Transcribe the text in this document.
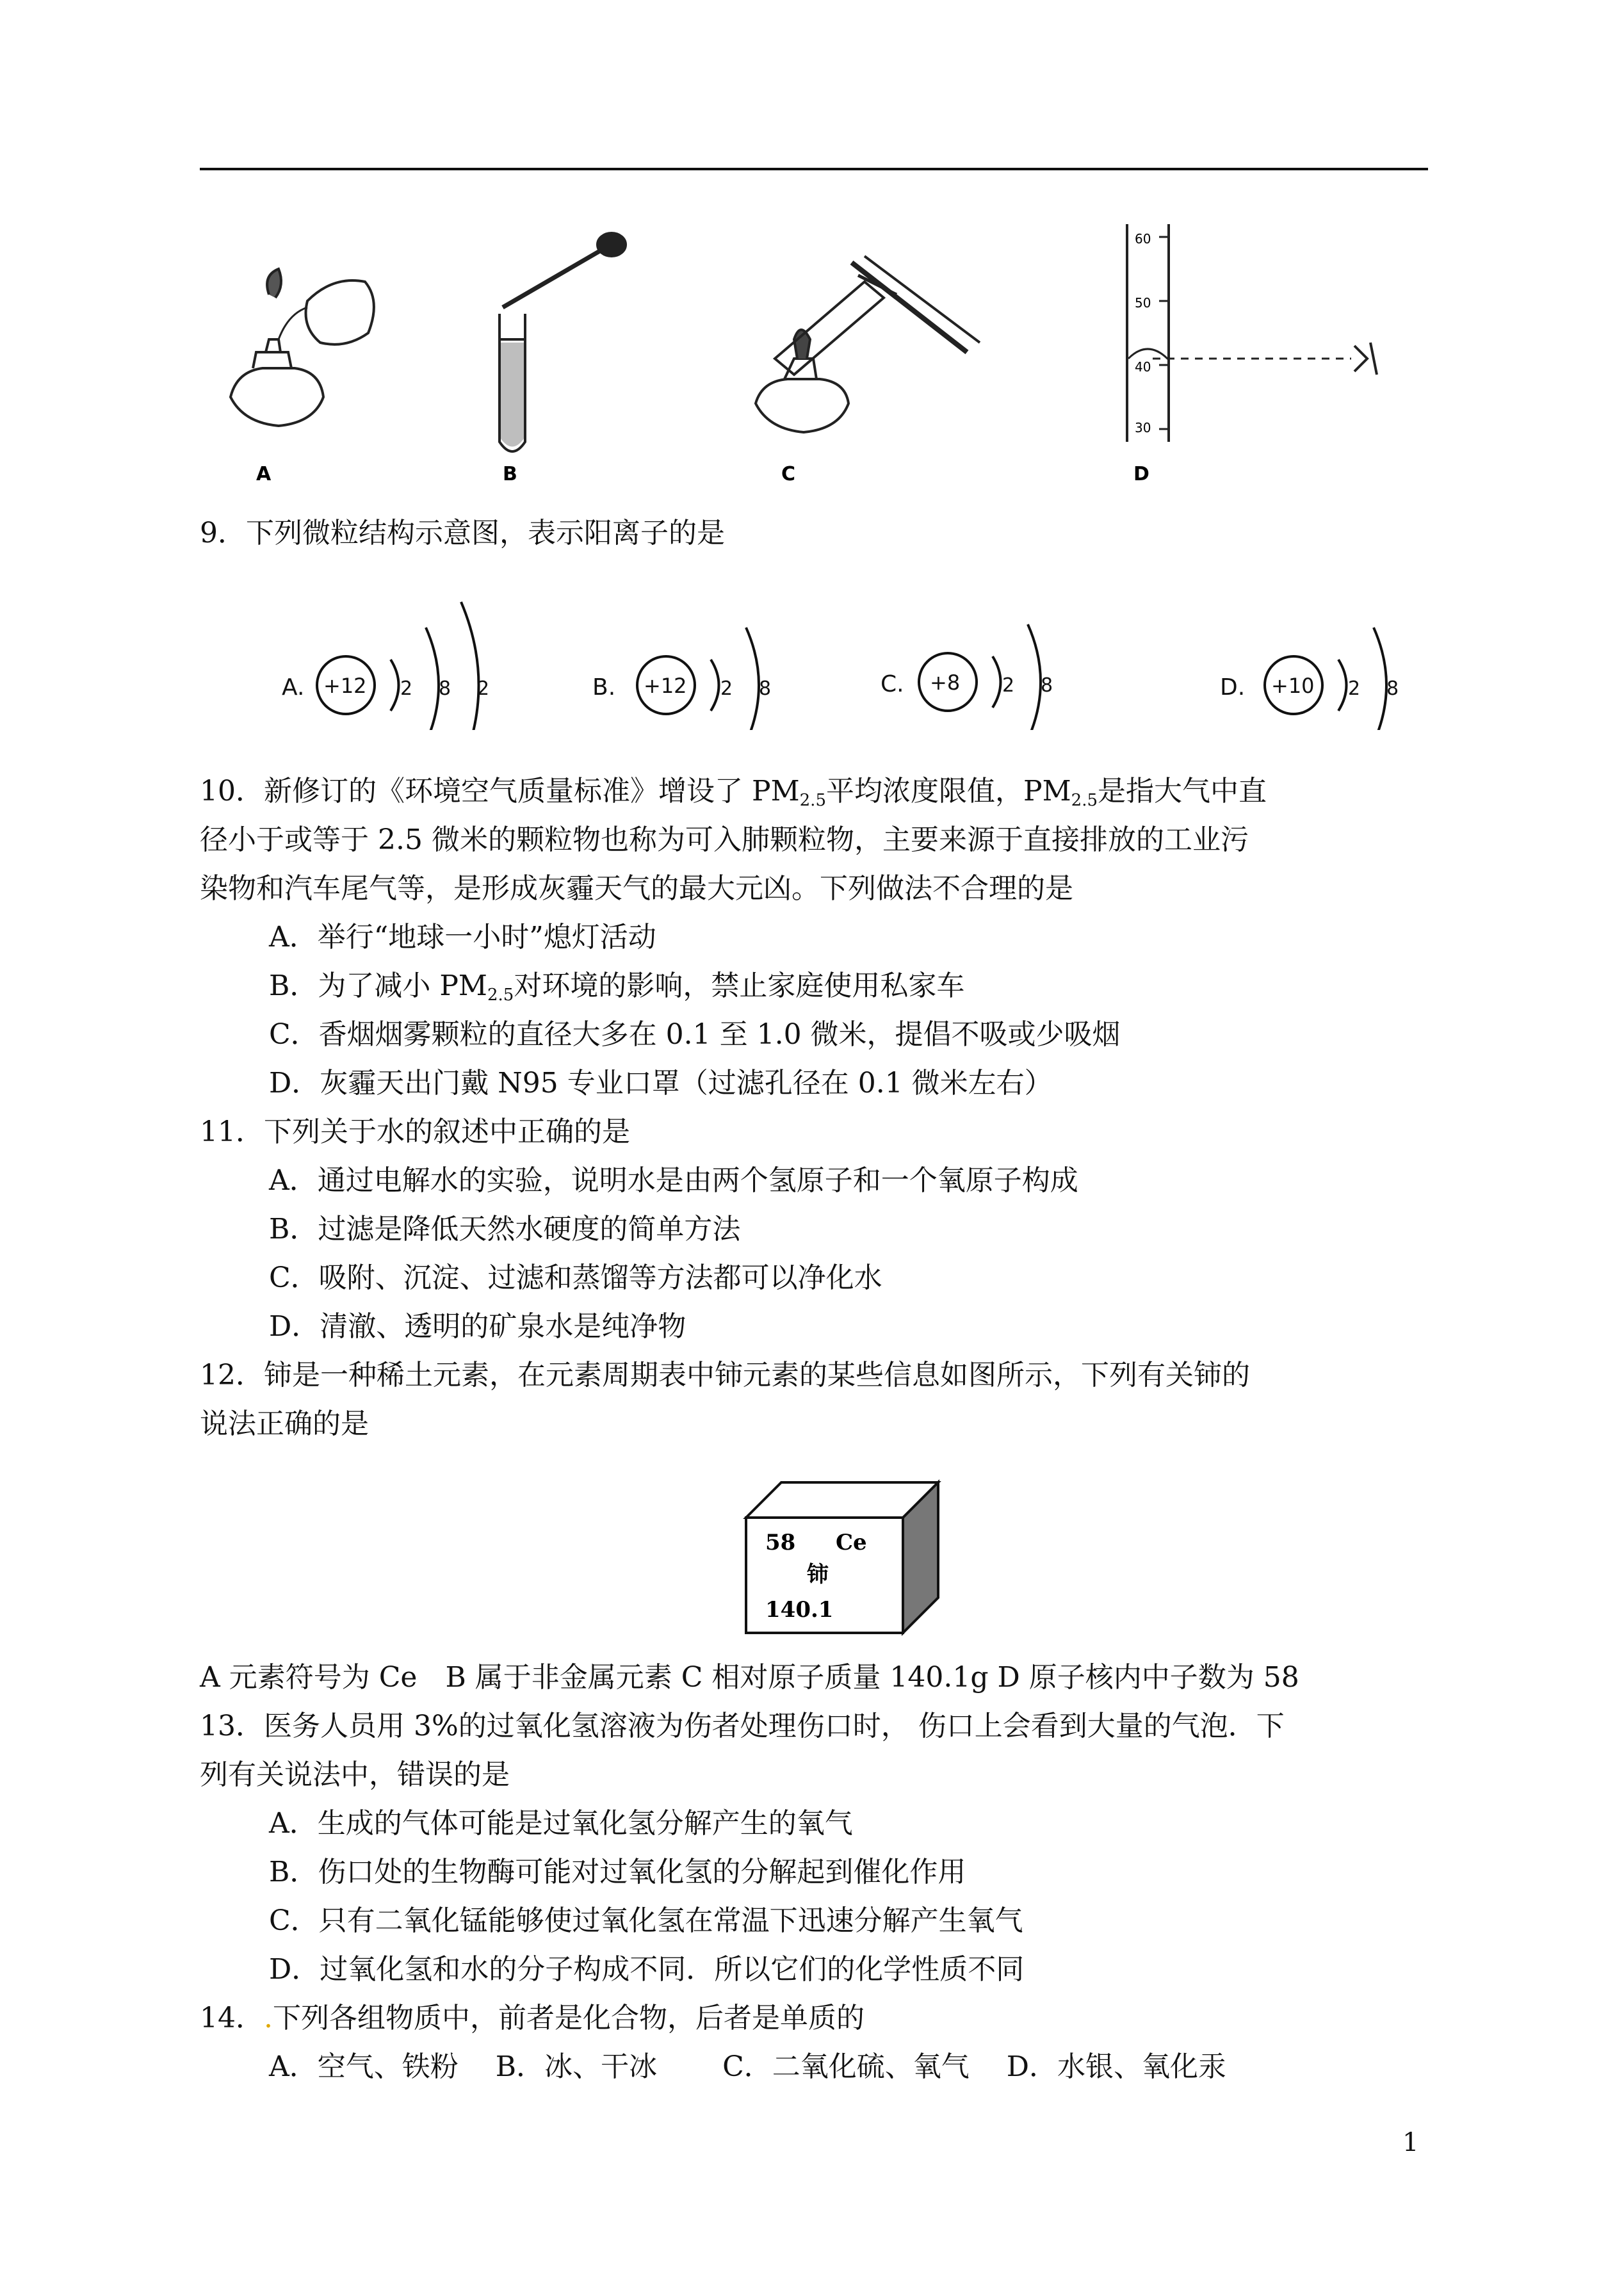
A	B	C
60
50
40
30
D
9．下列微粒结构示意图，表示阳离子的是
A. +12 2 8 2	B. +12 2 8	C. +8 2 8	D. +10 2 8
10．新修订的《环境空气质量标准》增设了 $PM_{2.5}$平均浓度限值，$PM_{2.5}$是指大气中直
径小于或等于 2.5 微米的颗粒物也称为可入肺颗粒物，主要来源于直接排放的工业污
染物和汽车尾气等，是形成灰霾天气的最大元凶。下列做法不合理的是
A．举行“地球一小时”熄灯活动
B．为了减小 $PM_{2.5}$对环境的影响，禁止家庭使用私家车
C．香烟烟雾颗粒的直径大多在 0.1 至 1.0 微米，提倡不吸或少吸烟
D．灰霾天出门戴 N95 专业口罩（过滤孔径在 0.1 微米左右）
11．下列关于水的叙述中正确的是
A．通过电解水的实验，说明水是由两个氢原子和一个氧原子构成
B．过滤是降低天然水硬度的简单方法
C．吸附、沉淀、过滤和蒸馏等方法都可以净化水
D．清澈、透明的矿泉水是纯净物
12．铈是一种稀土元素，在元素周期表中铈元素的某些信息如图所示，下列有关铈的
说法正确的是
58 Ce
铈
140.1
A 元素符号为 Ce　B 属于非金属元素 C 相对原子质量 140.1g D 原子核内中子数为 58
13．医务人员用 3%的过氧化氢溶液为伤者处理伤口时， 伤口上会看到大量的气泡．下
列有关说法中，错误的是
A．生成的气体可能是过氧化氢分解产生的氧气
B．伤口处的生物酶可能对过氧化氢的分解起到催化作用
C．只有二氧化锰能够使过氧化氢在常温下迅速分解产生氧气
D．过氧化氢和水的分子构成不同．所以它们的化学性质不同
14．.下列各组物质中，前者是化合物，后者是单质的
A．空气、铁粉　 B．冰、干冰　　 C．二氧化硫、氧气　 D．水银、氧化汞
1
